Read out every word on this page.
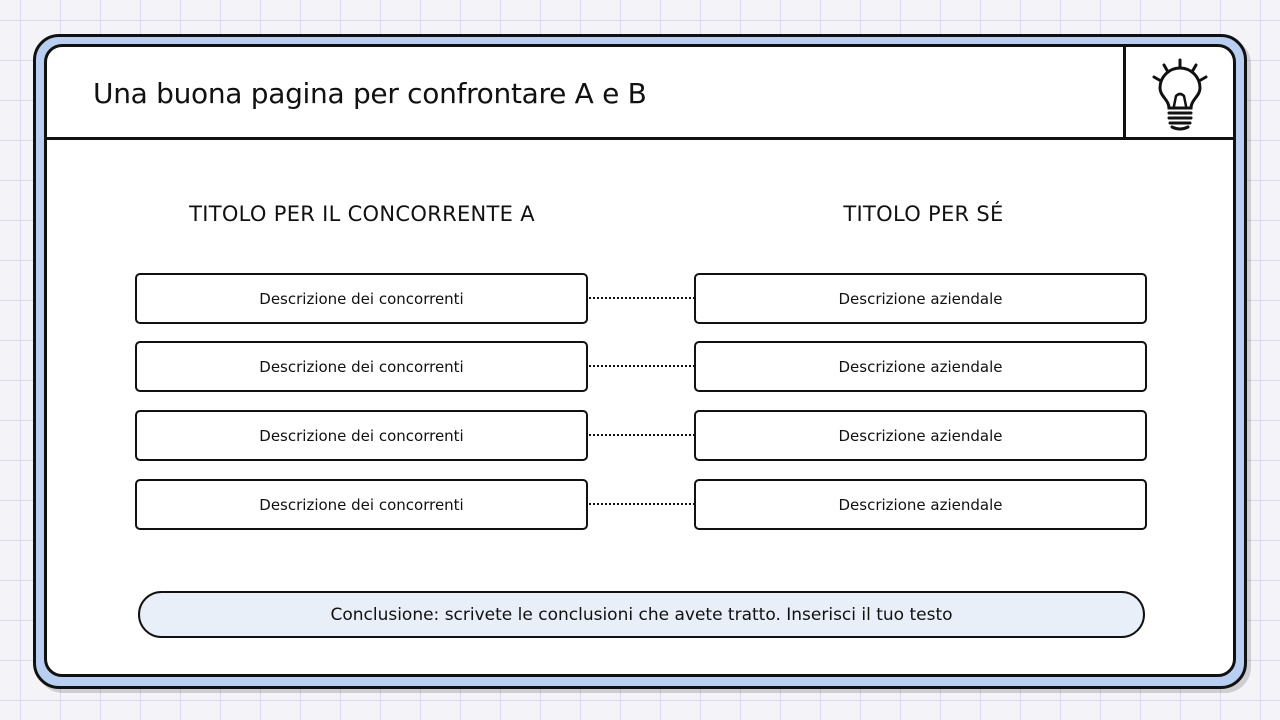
Una buona pagina per confrontare A e B
TITOLO PER IL CONCORRENTE A	TITOLO PER SÉ
Descrizione dei concorrenti	Descrizione aziendale
Descrizione dei concorrenti	Descrizione aziendale
Descrizione dei concorrenti	Descrizione aziendale
Descrizione dei concorrenti	Descrizione aziendale
Conclusione: scrivete le conclusioni che avete tratto. Inserisci il tuo testo
